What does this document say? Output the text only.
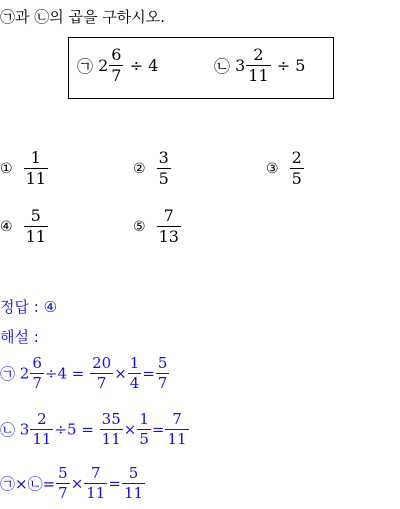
㉠과 ㉡의 곱을 구하시오.
㉠ $2 \frac{6}{7} \div 4$	㉡ $3 \frac{2}{11} \div 5$
① $\frac{1}{11}$	② $\frac{3}{5}$	③ $\frac{2}{5}$
④ $\frac{5}{11}$	⑤ $\frac{7}{13}$
정답 : ④
해설 :
㉠ $2 \frac{6}{7} \div 4 = \frac{20}{7} \times \frac{1}{4} = \frac{5}{7}$
㉡ $3 \frac{2}{11} \div 5 = \frac{35}{11} \times \frac{1}{5} = \frac{7}{11}$
㉠×㉡= $\frac{5}{7} \times \frac{7}{11} = \frac{5}{11}$
